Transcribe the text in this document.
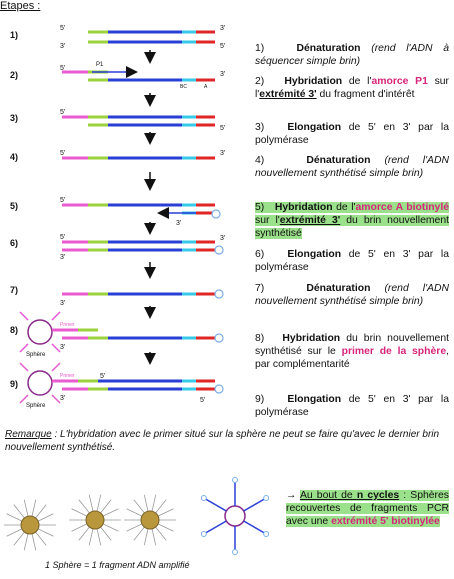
Etapes :
1)
2)
3)
4)
5)
6)
7)
8)
9)
5'	3'
3'	5'
5'	P1
BC	A
3'
5'
5'
5'	3'
5'
3'
5'	3'
3'
3'
Primer
3'
Sphère
Primer	5'
3'	5'
Sphère
1)	Dénaturation (rend l'ADN à séquencer simple brin)
2) Hybridation de l'amorce P1 sur l'extrémité 3' du fragment d'intérêt
3) Elongation de 5' en 3' par la polymérase
4)	Dénaturation (rend l'ADN nouvellement synthétisé simple brin)
5) Hybridation de l'amorce A biotinylé sur l'extrémité 3' du brin nouvellement synthétisé
6) Elongation de 5' en 3' par la polymérase
7)	Dénaturation (rend l'ADN nouvellement synthétisé simple brin)
8) Hybridation du brin nouvellement synthétisé sur le primer de la sphère, par complémentarité
9) Elongation de 5' en 3' par la polymérase
Remarque : L'hybridation avec le primer situé sur la sphère ne peut se faire qu'avec le dernier brin nouvellement synthétisé.
→ Au bout de n cycles : Sphères recouvertes de fragments PCR avec une extrémité 5' biotinylée
1 Sphère = 1 fragment ADN amplifié
